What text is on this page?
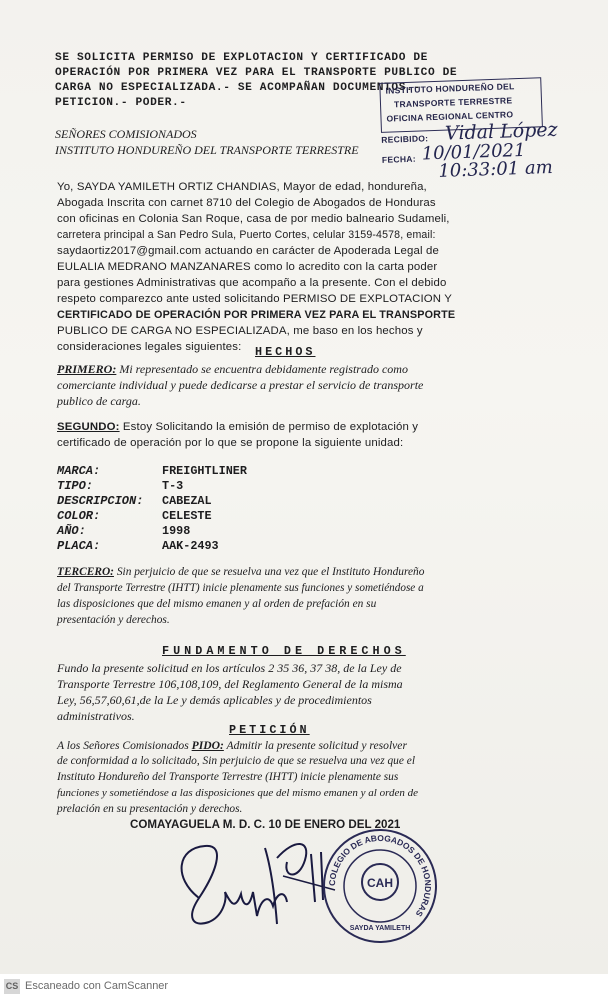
SE SOLICITA PERMISO DE EXPLOTACION Y CERTIFICADO DE
OPERACIÓN POR PRIMERA VEZ PARA EL TRANSPORTE PUBLICO DE
CARGA NO ESPECIALIZADA.- SE ACOMPAÑAN DOCUMENTOS.-
PETICION.- PODER.-
SEÑORES COMISIONADOS
INSTITUTO HONDUREÑO DEL TRANSPORTE TERRESTRE
INSTITUTO HONDUREÑO DEL
TRANSPORTE TERRESTRE
OFICINA REGIONAL CENTRO
RECIBIDO:
FECHA:
Vidal López
10/01/2021
10:33:01 am
Yo, SAYDA YAMILETH ORTIZ CHANDIAS, Mayor de edad, hondureña,
Abogada Inscrita con carnet 8710 del Colegio de Abogados de Honduras
con oficinas en Colonia San Roque, casa de por medio balneario Sudameli,
carretera principal a San Pedro Sula, Puerto Cortes, celular 3159-4578, email:
saydaortiz2017@gmail.com actuando en carácter de Apoderada Legal de
EULALIA MEDRANO MANZANARES como lo acredito con la carta poder
para gestiones Administrativas que acompaño a la presente. Con el debido
respeto comparezco ante usted solicitando PERMISO DE EXPLOTACION Y
CERTIFICADO DE OPERACIÓN POR PRIMERA VEZ PARA EL TRANSPORTE
PUBLICO DE CARGA NO ESPECIALIZADA, me baso en los hechos y
consideraciones legales siguientes: HECHOS
PRIMERO: Mi representado se encuentra debidamente registrado como
comerciante individual y puede dedicarse a prestar el servicio de transporte
publico de carga.
SEGUNDO: Estoy Solicitando la emisión de permiso de explotación y
certificado de operación por lo que se propone la siguiente unidad:
MARCA:	FREIGHTLINER
TIPO:	T-3
DESCRIPCION: CABEZAL
COLOR:	CELESTE
AÑO:	1998
PLACA:	AAK-2493
TERCERO: Sin perjuicio de que se resuelva una vez que el Instituto Hondureño
del Transporte Terrestre (IHTT) inicie plenamente sus funciones y sometiéndose a
las disposiciones que del mismo emanen y al orden de prefación en su
presentación y derechos.
FUNDAMENTO DE DERECHOS
Fundo la presente solicitud en los artículos 2 35 36, 37 38, de la Ley de
Transporte Terrestre 106,108,109, del Reglamento General de la misma
Ley, 56,57,60,61,de la Le y demás aplicables y de procedimientos
administrativos.
PETICIÓN
A los Señores Comisionados PIDO: Admitir la presente solicitud y resolver
de conformidad a lo solicitado, Sin perjuicio de que se resuelva una vez que el
Instituto Hondureño del Transporte Terrestre (IHTT) inicie plenamente sus
funciones y sometiéndose a las disposiciones que del mismo emanen y al orden de
prelación en su presentación y derechos.
COMAYAGUELA M. D. C. 10 DE ENERO DEL 2021
COLEGIO DE ABOGADOS DE HONDURAS
CAH
SAYDA YAMILETH
CS Escaneado con CamScanner
